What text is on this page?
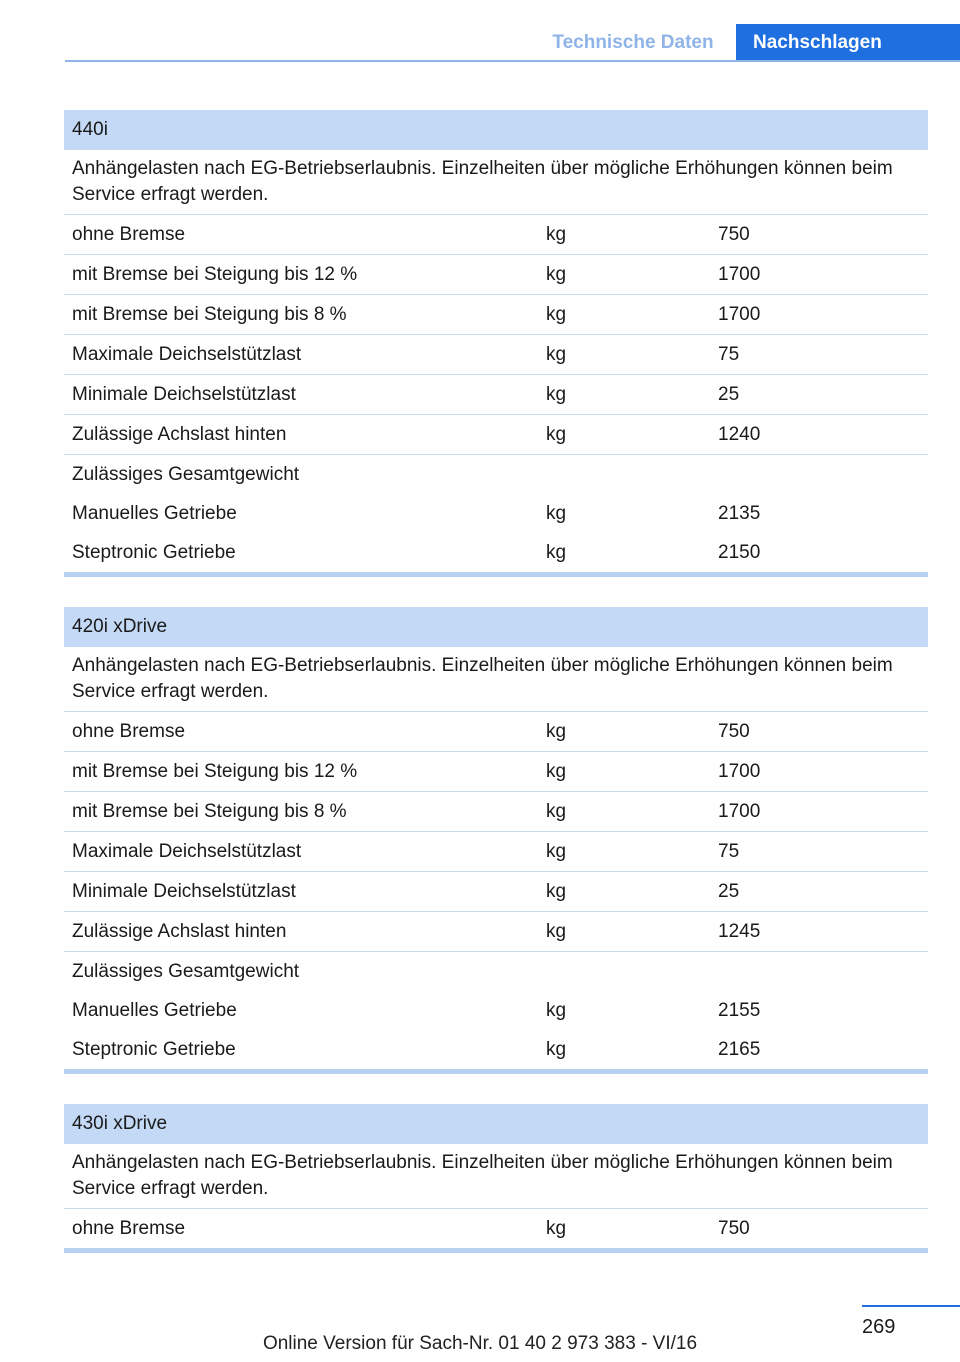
Technische Daten	Nachschlagen
440i
Anhängelasten nach EG-Betriebserlaubnis. Einzelheiten über mögliche Erhöhungen können beim Service erfragt werden.
ohne Bremse	kg	750
mit Bremse bei Steigung bis 12 %	kg	1700
mit Bremse bei Steigung bis 8 %	kg	1700
Maximale Deichselstützlast	kg	75
Minimale Deichselstützlast	kg	25
Zulässige Achslast hinten	kg	1240
Zulässiges Gesamtgewicht
Manuelles Getriebe	kg	2135
Steptronic Getriebe	kg	2150
420i xDrive
Anhängelasten nach EG-Betriebserlaubnis. Einzelheiten über mögliche Erhöhungen können beim Service erfragt werden.
ohne Bremse	kg	750
mit Bremse bei Steigung bis 12 %	kg	1700
mit Bremse bei Steigung bis 8 %	kg	1700
Maximale Deichselstützlast	kg	75
Minimale Deichselstützlast	kg	25
Zulässige Achslast hinten	kg	1245
Zulässiges Gesamtgewicht
Manuelles Getriebe	kg	2155
Steptronic Getriebe	kg	2165
430i xDrive
Anhängelasten nach EG-Betriebserlaubnis. Einzelheiten über mögliche Erhöhungen können beim Service erfragt werden.
ohne Bremse	kg	750
269
Online Version für Sach-Nr. 01 40 2 973 383 - VI/16
